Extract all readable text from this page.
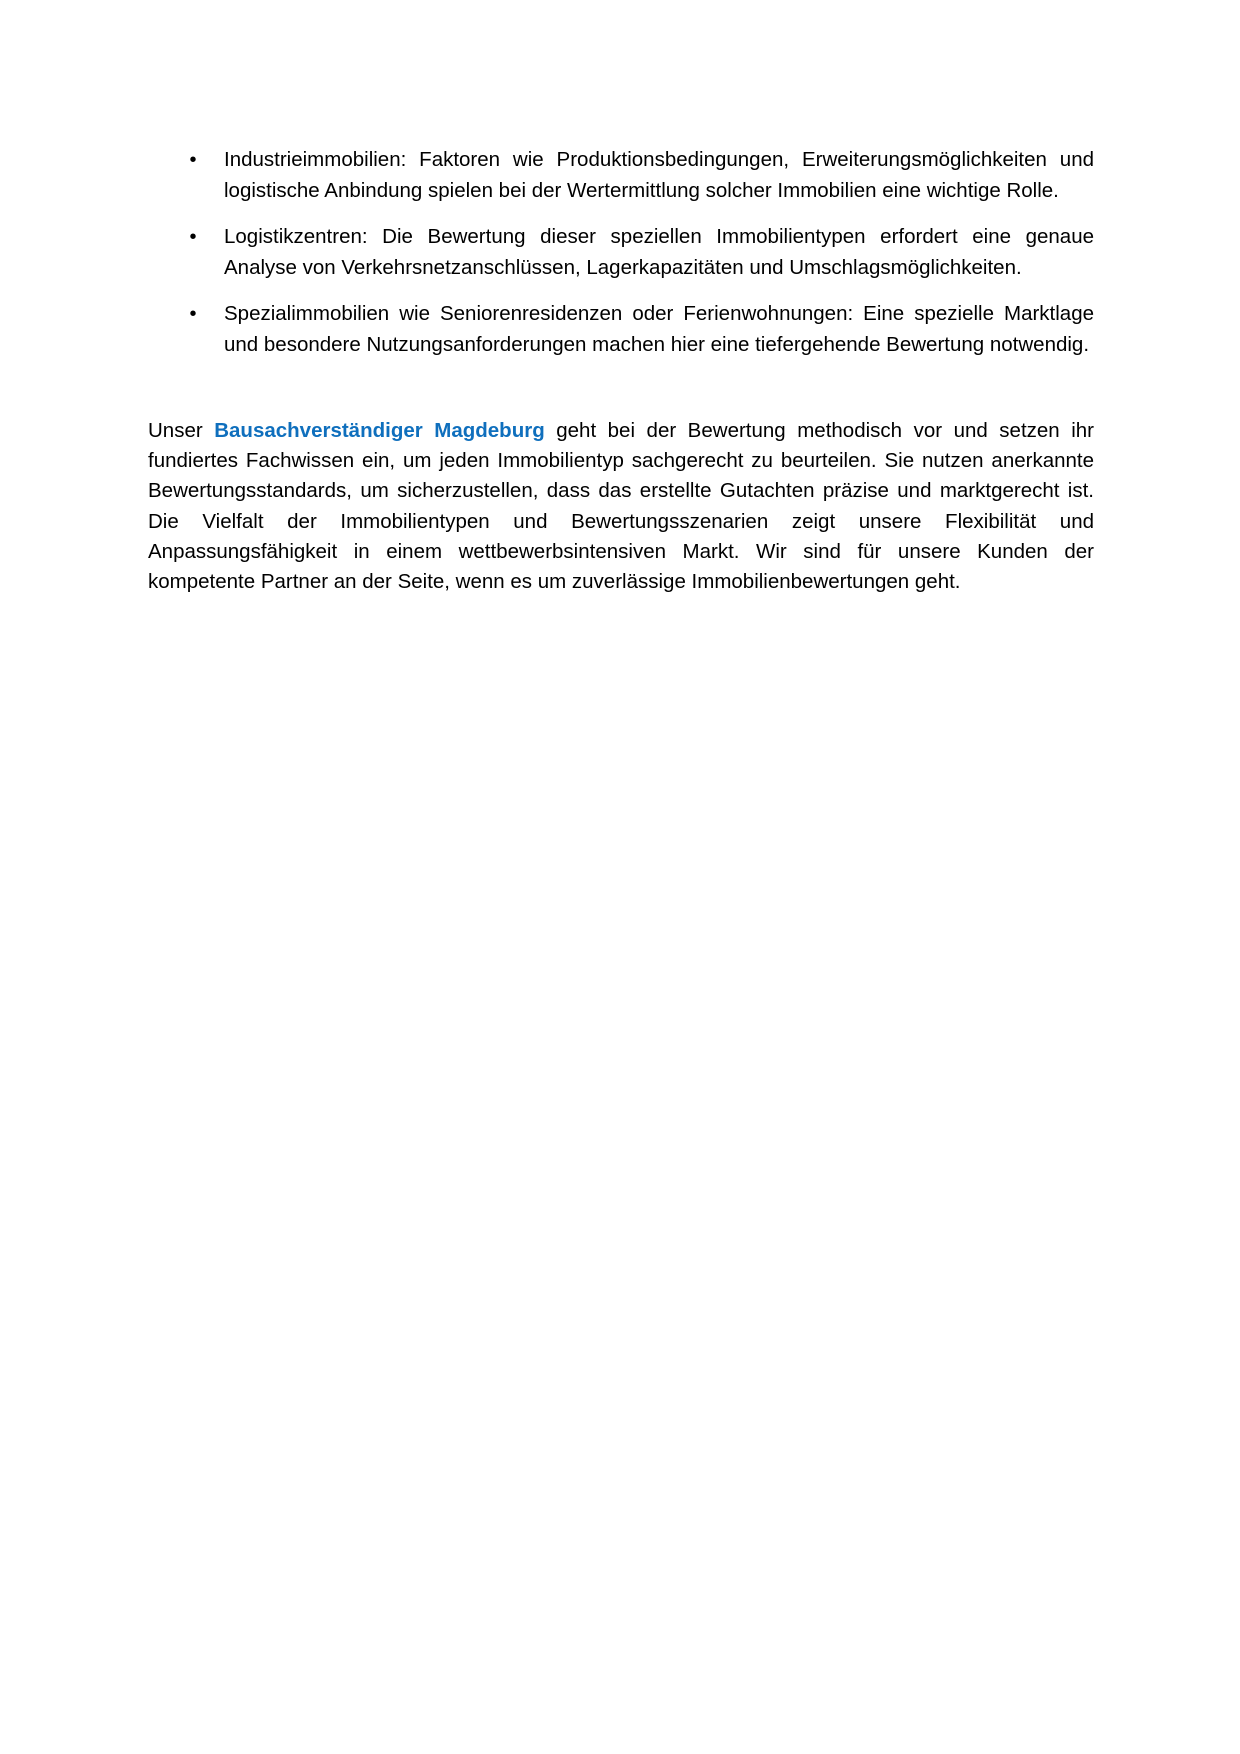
• Industrieimmobilien: Faktoren wie Produktionsbedingungen, Erweiterungsmöglichkeiten und logistische Anbindung spielen bei der Wertermittlung solcher Immobilien eine wichtige Rolle.
• Logistikzentren: Die Bewertung dieser speziellen Immobilientypen erfordert eine genaue Analyse von Verkehrsnetzanschlüssen, Lagerkapazitäten und Umschlagsmöglichkeiten.
• Spezialimmobilien wie Seniorenresidenzen oder Ferienwohnungen: Eine spezielle Marktlage und besondere Nutzungsanforderungen machen hier eine tiefergehende Bewertung notwendig.

Unser Bausachverständiger Magdeburg geht bei der Bewertung methodisch vor und setzen ihr fundiertes Fachwissen ein, um jeden Immobilientyp sachgerecht zu beurteilen. Sie nutzen anerkannte Bewertungsstandards, um sicherzustellen, dass das erstellte Gutachten präzise und marktgerecht ist. Die Vielfalt der Immobilientypen und Bewertungsszenarien zeigt unsere Flexibilität und Anpassungsfähigkeit in einem wettbewerbsintensiven Markt. Wir sind für unsere Kunden der kompetente Partner an der Seite, wenn es um zuverlässige Immobilienbewertungen geht.
